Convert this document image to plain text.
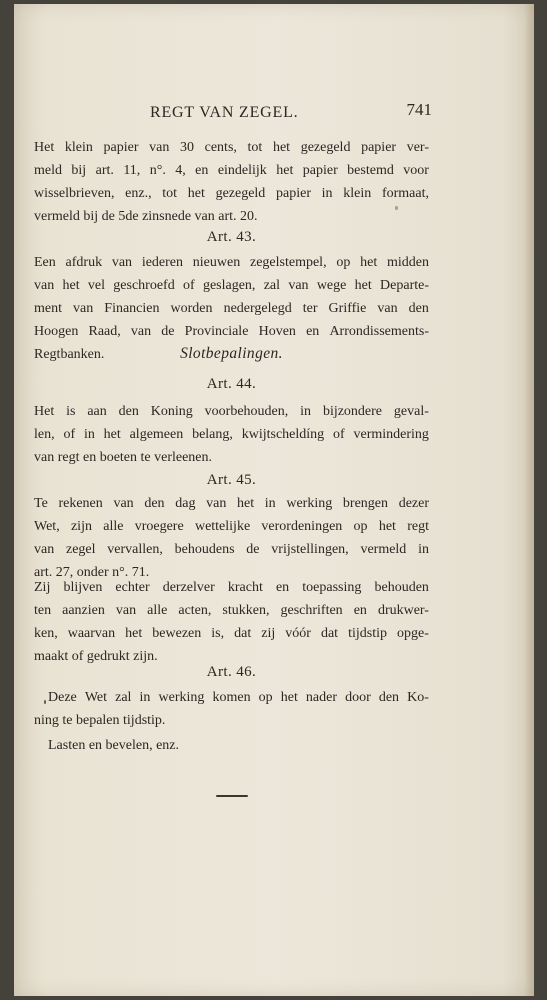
REGT VAN ZEGEL.	741
Het klein papier van 30 cents, tot het gezegeld papier ver-
meld bij art. 11, n°. 4, en eindelijk het papier bestemd voor
wisselbrieven, enz., tot het gezegeld papier in klein formaat,
vermeld bij de 5de zinsnede van art. 20.
Art. 43.
Een afdruk van iederen nieuwen zegelstempel, op het midden
van het vel geschroefd of geslagen, zal van wege het Departe-
ment van Financien worden nedergelegd ter Griffie van den
Hoogen Raad, van de Provinciale Hoven en Arrondissements-
Regtbanken.	Slotbepalingen.
Art. 44.
Het is aan den Koning voorbehouden, in bijzondere geval-
len, of in het algemeen belang, kwijtscheldíng of vermindering
van regt en boeten te verleenen.
Art. 45.
Te rekenen van den dag van het in werking brengen dezer
Wet, zijn alle vroegere wettelijke verordeningen op het regt
van zegel vervallen, behoudens de vrijstellingen, vermeld in
art. 27, onder n°. 71.
Zij blijven echter derzelver kracht en toepassing behouden
ten aanzien van alle acten, stukken, geschriften en drukwer-
ken, waarvan het bewezen is, dat zij vóór dat tijdstip opge-
maakt of gedrukt zijn.
Art. 46.
Deze Wet zal in werking komen op het nader door den Ko-
ning te bepalen tijdstip.
Lasten en bevelen, enz.
